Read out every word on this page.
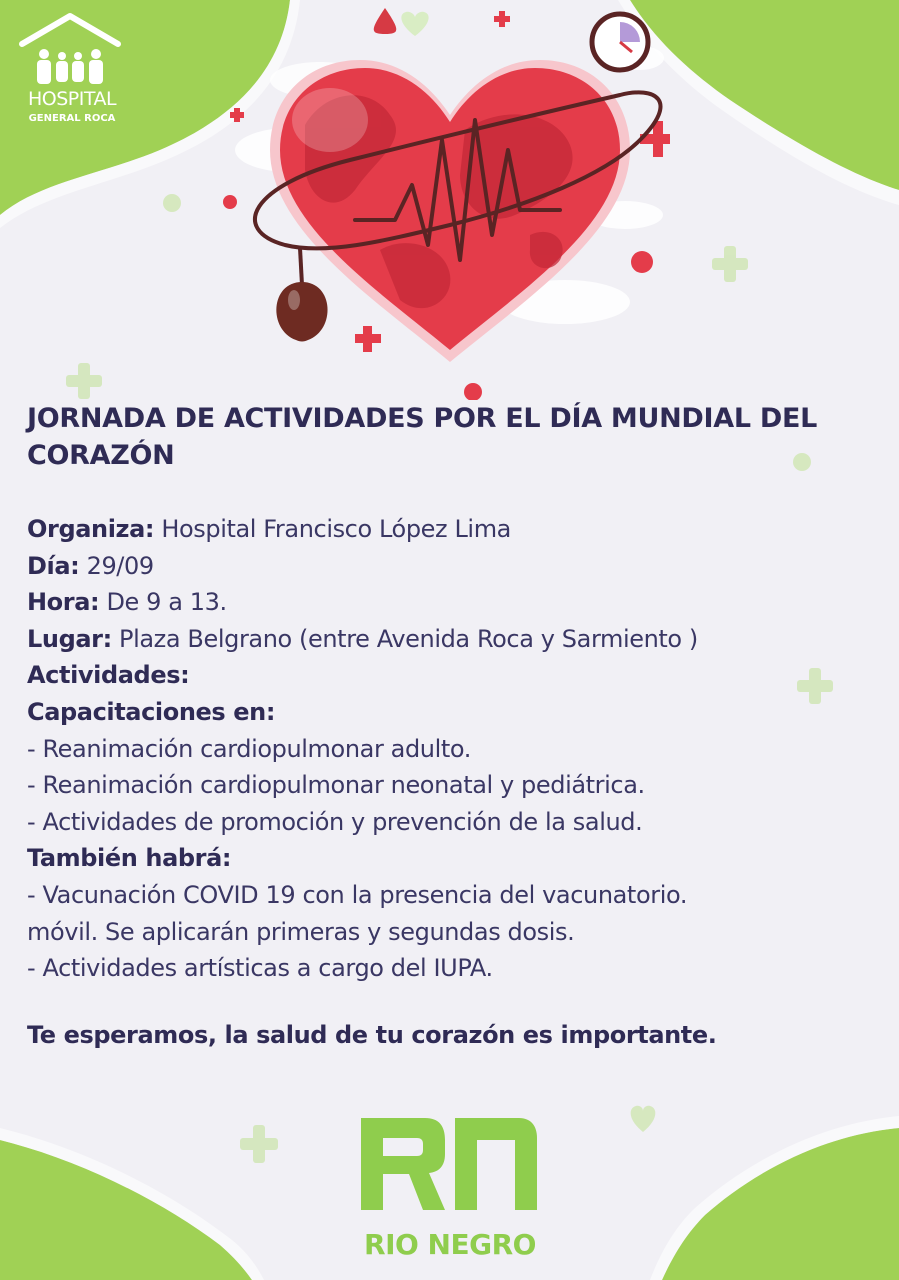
HOSPITAL
GENERAL ROCA
JORNADA DE ACTIVIDADES POR EL DÍA MUNDIAL DEL CORAZÓN
Organiza: Hospital Francisco López Lima
Día: 29/09
Hora: De 9 a 13.
Lugar: Plaza Belgrano (entre Avenida Roca y Sarmiento )
Actividades:
Capacitaciones en:
- Reanimación cardiopulmonar adulto.
- Reanimación cardiopulmonar neonatal y pediátrica.
- Actividades de promoción y prevención de la salud.
También habrá:
- Vacunación COVID 19 con la presencia del vacunatorio.
móvil. Se aplicarán primeras y segundas dosis.
- Actividades artísticas a cargo del IUPA.

Te esperamos, la salud de tu corazón es importante.

RIO NEGRO
